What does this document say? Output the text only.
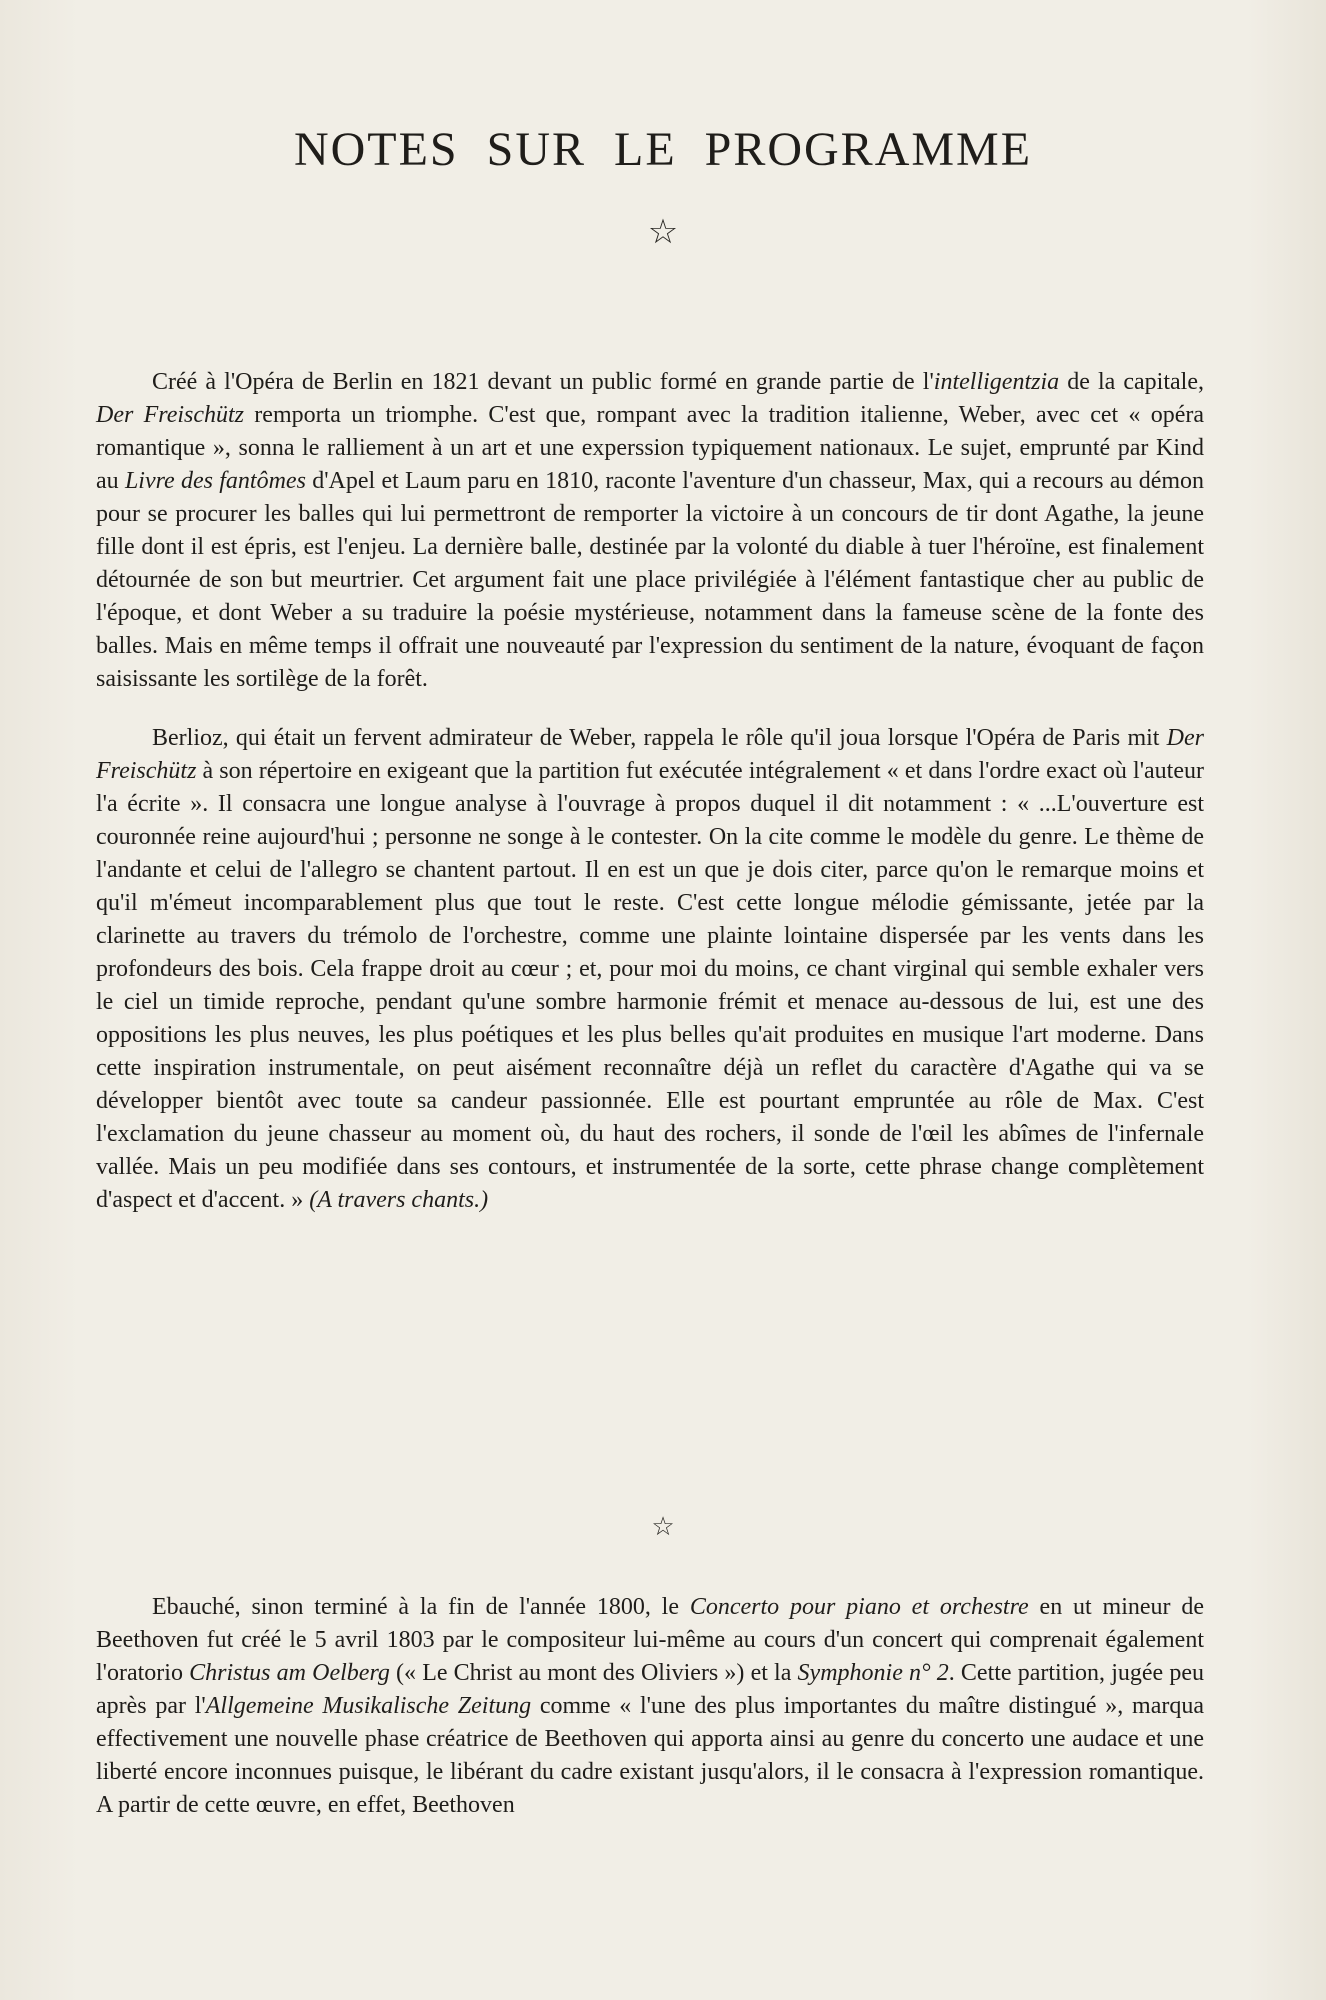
NOTES SUR LE PROGRAMME
☆

Créé à l'Opéra de Berlin en 1821 devant un public formé en grande partie de l'intelligentzia de la capitale, Der Freischütz remporta un triomphe. C'est que, rompant avec la tradition italienne, Weber, avec cet « opéra romantique », sonna le ralliement à un art et une experssion typiquement nationaux. Le sujet, emprunté par Kind au Livre des fantômes d'Apel et Laum paru en 1810, raconte l'aventure d'un chasseur, Max, qui a recours au démon pour se procurer les balles qui lui permettront de remporter la victoire à un concours de tir dont Agathe, la jeune fille dont il est épris, est l'enjeu. La dernière balle, destinée par la volonté du diable à tuer l'héroïne, est finalement détournée de son but meurtrier. Cet argument fait une place privilégiée à l'élément fantastique cher au public de l'époque, et dont Weber a su traduire la poésie mystérieuse, notamment dans la fameuse scène de la fonte des balles. Mais en même temps il offrait une nouveauté par l'expression du sentiment de la nature, évoquant de façon saisissante les sortilège de la forêt.

Berlioz, qui était un fervent admirateur de Weber, rappela le rôle qu'il joua lorsque l'Opéra de Paris mit Der Freischütz à son répertoire en exigeant que la partition fut exécutée intégralement « et dans l'ordre exact où l'auteur l'a écrite ». Il consacra une longue analyse à l'ouvrage à propos duquel il dit notamment : « ...L'ouverture est couronnée reine aujourd'hui ; personne ne songe à le contester. On la cite comme le modèle du genre. Le thème de l'andante et celui de l'allegro se chantent partout. Il en est un que je dois citer, parce qu'on le remarque moins et qu'il m'émeut incomparablement plus que tout le reste. C'est cette longue mélodie gémissante, jetée par la clarinette au travers du trémolo de l'orchestre, comme une plainte lointaine dispersée par les vents dans les profondeurs des bois. Cela frappe droit au cœur ; et, pour moi du moins, ce chant virginal qui semble exhaler vers le ciel un timide reproche, pendant qu'une sombre harmonie frémit et menace au-dessous de lui, est une des oppositions les plus neuves, les plus poétiques et les plus belles qu'ait produites en musique l'art moderne. Dans cette inspiration instrumentale, on peut aisément reconnaître déjà un reflet du caractère d'Agathe qui va se développer bientôt avec toute sa candeur passionnée. Elle est pourtant empruntée au rôle de Max. C'est l'exclamation du jeune chasseur au moment où, du haut des rochers, il sonde de l'œil les abîmes de l'infernale vallée. Mais un peu modifiée dans ses contours, et instrumentée de la sorte, cette phrase change complètement d'aspect et d'accent. » (A travers chants.)

☆

Ebauché, sinon terminé à la fin de l'année 1800, le Concerto pour piano et orchestre en ut mineur de Beethoven fut créé le 5 avril 1803 par le compositeur lui-même au cours d'un concert qui comprenait également l'oratorio Christus am Oelberg (« Le Christ au mont des Oliviers ») et la Symphonie n° 2. Cette partition, jugée peu après par l'Allgemeine Musikalische Zeitung comme « l'une des plus importantes du maître distingué », marqua effectivement une nouvelle phase créatrice de Beethoven qui apporta ainsi au genre du concerto une audace et une liberté encore inconnues puisque, le libérant du cadre existant jusqu'alors, il le consacra à l'expression romantique. A partir de cette œuvre, en effet, Beethoven
